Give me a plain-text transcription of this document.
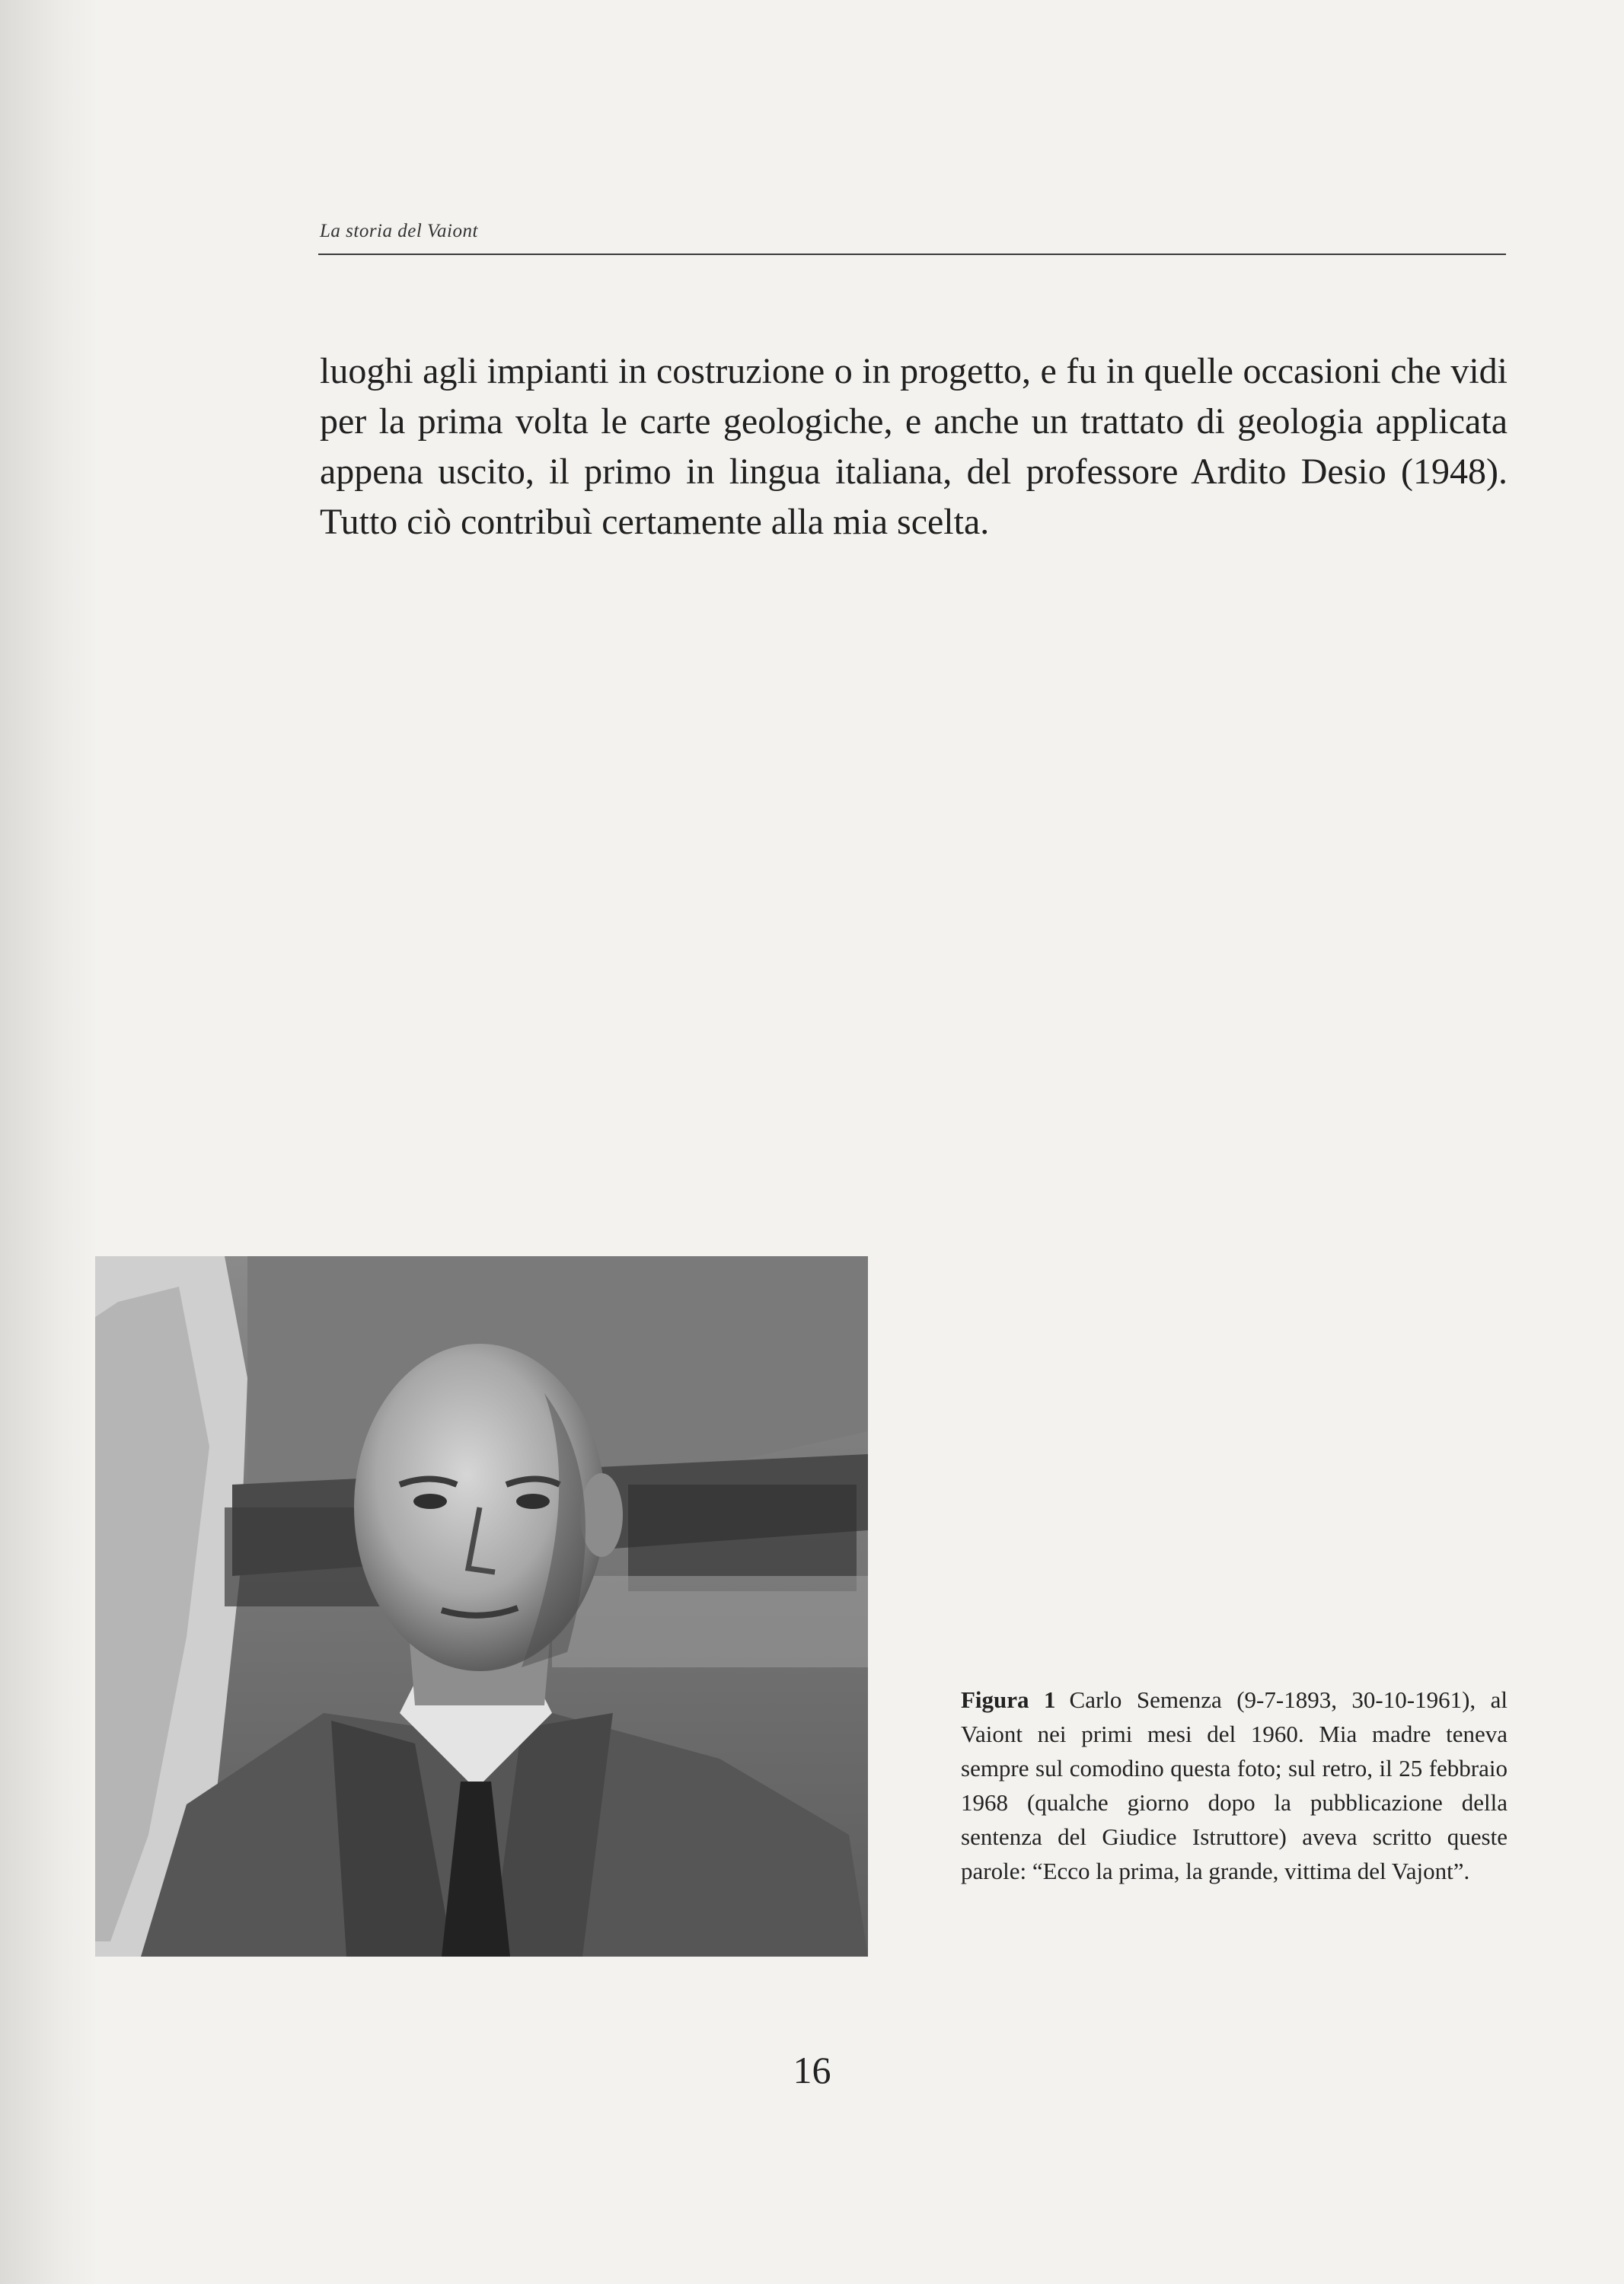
La storia del Vaiont

luoghi agli impianti in costruzione o in progetto, e fu in quelle occasioni che vidi per la prima volta le carte geologiche, e anche un trattato di geologia applicata appena uscito, il primo in lingua italiana, del professore Ardito Desio (1948). Tutto ciò contribuì certamente alla mia scelta.

Figura 1 Carlo Semenza (9-7-1893, 30-10-1961), al Vaiont nei primi mesi del 1960. Mia madre teneva sempre sul comodino questa foto; sul retro, il 25 febbraio 1968 (qualche giorno dopo la pubblicazione della sentenza del Giudice Istruttore) aveva scritto queste parole: “Ecco la prima, la grande, vittima del Vajont”.
16
